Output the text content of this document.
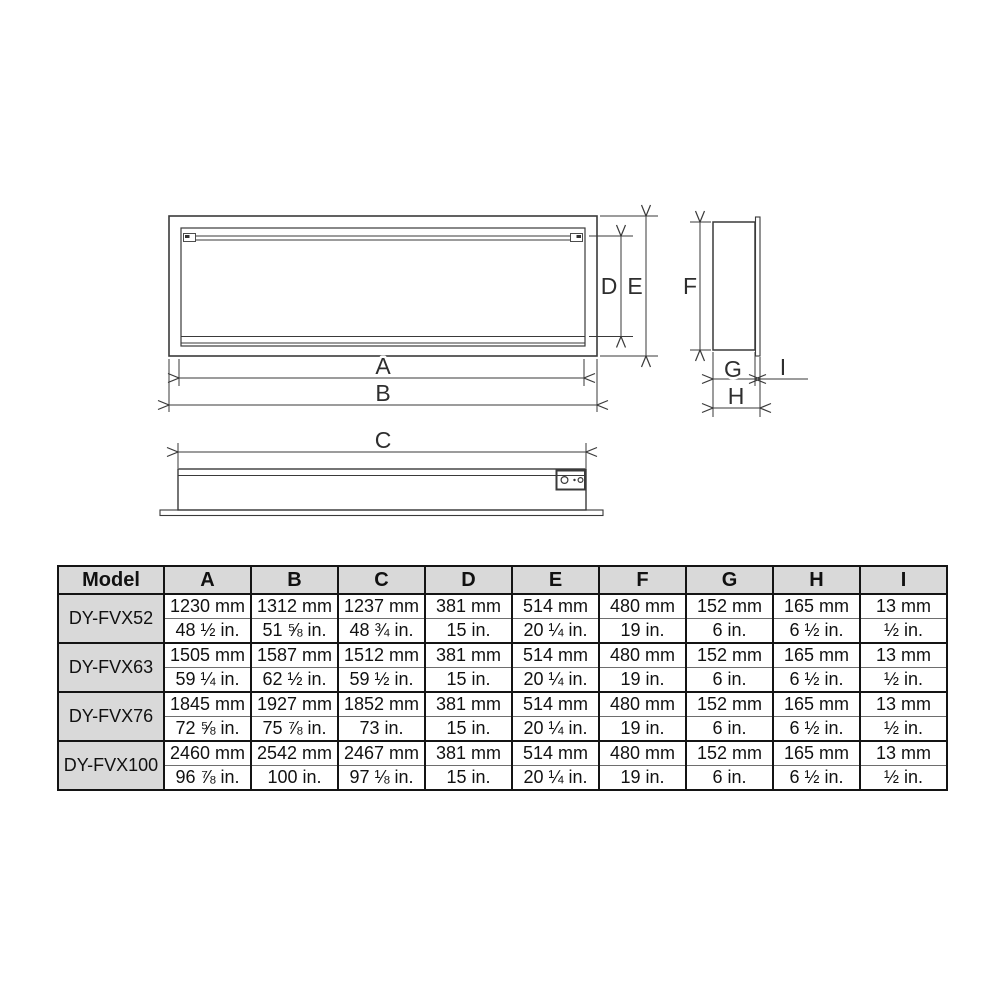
D E
A
B
F
G I
H
C
Model	A	B	C	D	E	F	G	H	I
DY-FVX52	1230 mm	1312 mm	1237 mm	381 mm	514 mm	480 mm	152 mm	165 mm	13 mm
	48 ½ in.	51 ⅝ in.	48 ¾ in.	15 in.	20 ¼ in.	19 in.	6 in.	6 ½ in.	½ in.
DY-FVX63	1505 mm	1587 mm	1512 mm	381 mm	514 mm	480 mm	152 mm	165 mm	13 mm
	59 ¼ in.	62 ½ in.	59 ½ in.	15 in.	20 ¼ in.	19 in.	6 in.	6 ½ in.	½ in.
DY-FVX76	1845 mm	1927 mm	1852 mm	381 mm	514 mm	480 mm	152 mm	165 mm	13 mm
	72 ⅝ in.	75 ⅞ in.	73 in.	15 in.	20 ¼ in.	19 in.	6 in.	6 ½ in.	½ in.
DY-FVX100	2460 mm	2542 mm	2467 mm	381 mm	514 mm	480 mm	152 mm	165 mm	13 mm
	96 ⅞ in.	100 in.	97 ⅛ in.	15 in.	20 ¼ in.	19 in.	6 in.	6 ½ in.	½ in.
